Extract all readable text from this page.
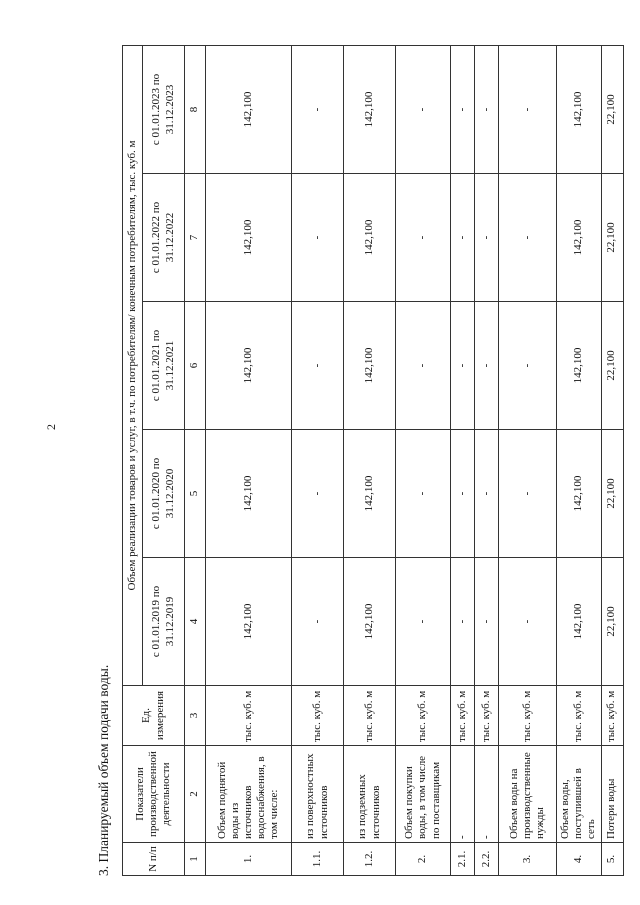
2
3. Планируемый объем подачи воды.	N п/п	Показатели производственной деятельности	Ед. измерения	Объем реализации товаров и услуг, в т.ч. по потребителям/ конечным потребителям, тыс. куб. м				
			с 01.01.2019 по 31.12.2019	с 01.01.2020 по 31.12.2020	с 01.01.2021 по 31.12.2021	с 01.01.2022 по 31.12.2022	с 01.01.2023 по 31.12.2023
1	2	3	4	5	6	7	8
1.	Объем поднятой воды из источников водоснабжения, в том числе:	тыс. куб. м	142,100	142,100	142,100	142,100	142,100
1.1.	из поверхностных источников	тыс. куб. м	-	-	-	-	-
1.2.	из подземных источников	тыс. куб. м	142,100	142,100	142,100	142,100	142,100
2.	Объем покупки воды, в том числе по поставщикам	тыс. куб. м	-	-	-	-	-
2.1.	-	тыс. куб. м	-	-	-	-	-
2.2.	-	тыс. куб. м	-	-	-	-	-
3.	Объем воды на производственные нужды	тыс. куб. м	-	-	-	-	-
4.	Объем воды, поступившей в сеть	тыс. куб. м	142,100	142,100	142,100	142,100	142,100
5.	Потери воды	тыс. куб. м	22,100	22,100	22,100	22,100	22,100
